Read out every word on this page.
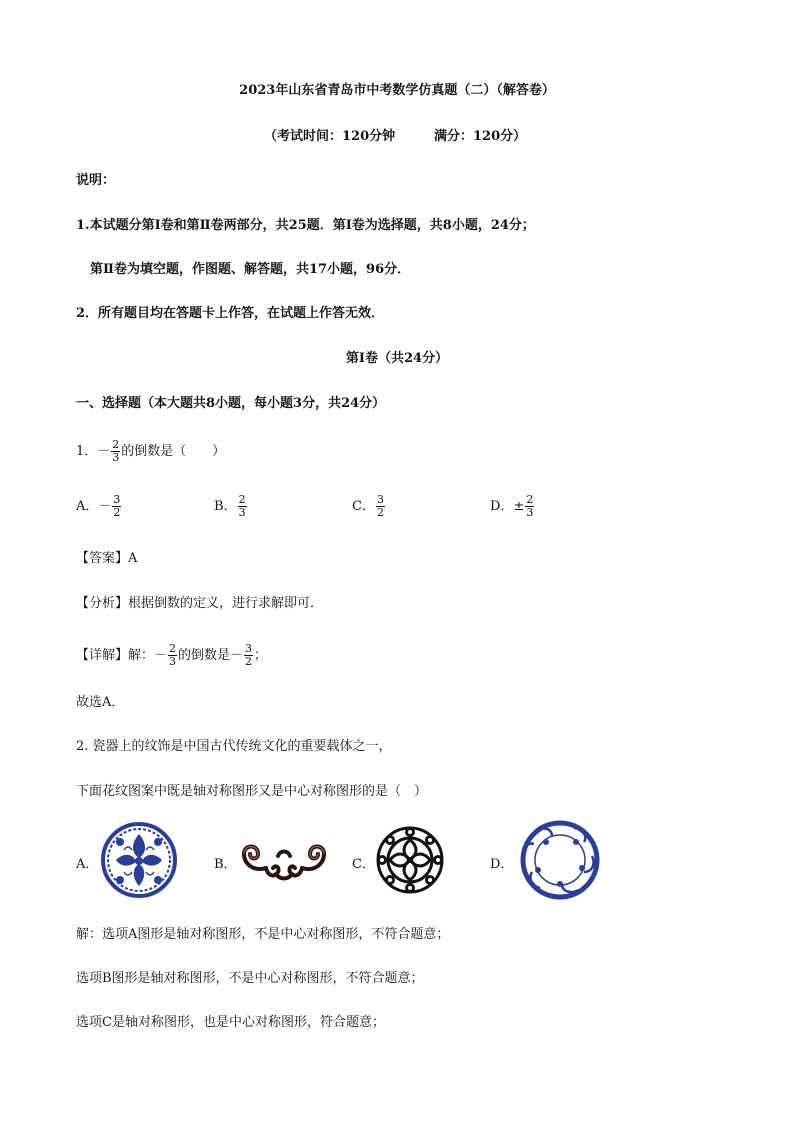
2023年山东省青岛市中考数学仿真题（二）（解答卷）
（考试时间：120分钟	满分：120分）
说明：
1.本试题分第Ⅰ卷和第Ⅱ卷两部分，共25题．第Ⅰ卷为选择题，共8小题，24分；
第Ⅱ卷为填空题，作图题、解答题，共17小题，96分．
2．所有题目均在答题卡上作答，在试题上作答无效．
第Ⅰ卷（共24分）
一、选择题（本大题共8小题，每小题3分，共24分）
1．－ $\frac{2}{3}$ 的倒数是（　　）
A．－ $\frac{3}{2}$	B． $\frac{2}{3}$	C． $\frac{3}{2}$	D．± $\frac{2}{3}$
【答案】A
【分析】根据倒数的定义，进行求解即可．
【详解】解：－ $\frac{2}{3}$ 的倒数是－ $\frac{3}{2}$ ；
故选A．
2. 瓷器上的纹饰是中国古代传统文化的重要载体之一，
下面花纹图案中既是轴对称图形又是中心对称图形的是（　）
A．	B．	C．	D．
解：选项A图形是轴对称图形，不是中心对称图形，不符合题意；
选项B图形是轴对称图形，不是中心对称图形，不符合题意；
选项C是轴对称图形，也是中心对称图形，符合题意；
